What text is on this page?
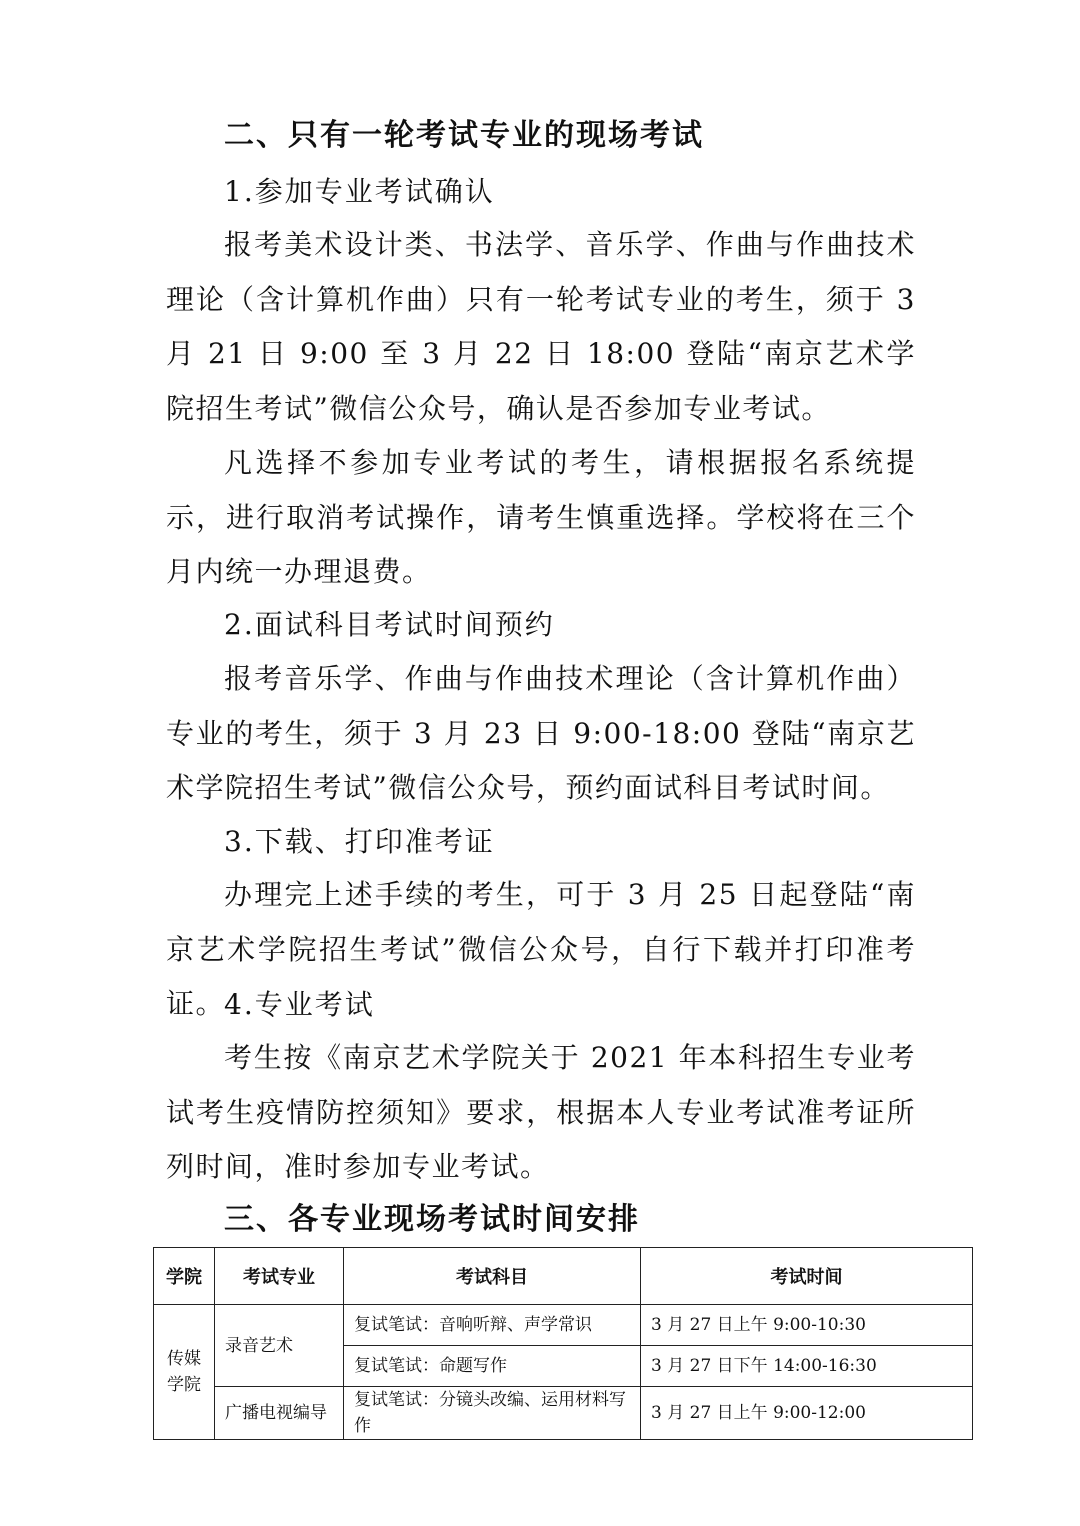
二、只有一轮考试专业的现场考试
1.参加专业考试确认

报考美术设计类、书法学、音乐学、作曲与作曲技术理论（含计算机作曲）只有一轮考试专业的考生，须于 3 月 21 日 9:00 至 3 月 22 日 18:00 登陆“南京艺术学院招生考试”微信公众号，确认是否参加专业考试。

凡选择不参加专业考试的考生，请根据报名系统提示，进行取消考试操作，请考生慎重选择。学校将在三个月内统一办理退费。

2.面试科目考试时间预约

报考音乐学、作曲与作曲技术理论（含计算机作曲）专业的考生，须于 3 月 23 日 9:00-18:00 登陆“南京艺术学院招生考试”微信公众号，预约面试科目考试时间。

3.下载、打印准考证

办理完上述手续的考生，可于 3 月 25 日起登陆“南京艺术学院招生考试”微信公众号，自行下载并打印准考证。

4.专业考试

考生按《南京艺术学院关于 2021 年本科招生专业考试考生疫情防控须知》要求，根据本人专业考试准考证所列时间，准时参加专业考试。

三、各专业现场考试时间安排
学院	考试专业	考试科目	考试时间
传媒学院	录音艺术	复试笔试：音响听辩、声学常识	3 月 27 日上午 9:00-10:30
		复试笔试：命题写作	3 月 27 日下午 14:00-16:30
	广播电视编导	复试笔试：分镜头改编、运用材料写作	3 月 27 日上午 9:00-12:00
